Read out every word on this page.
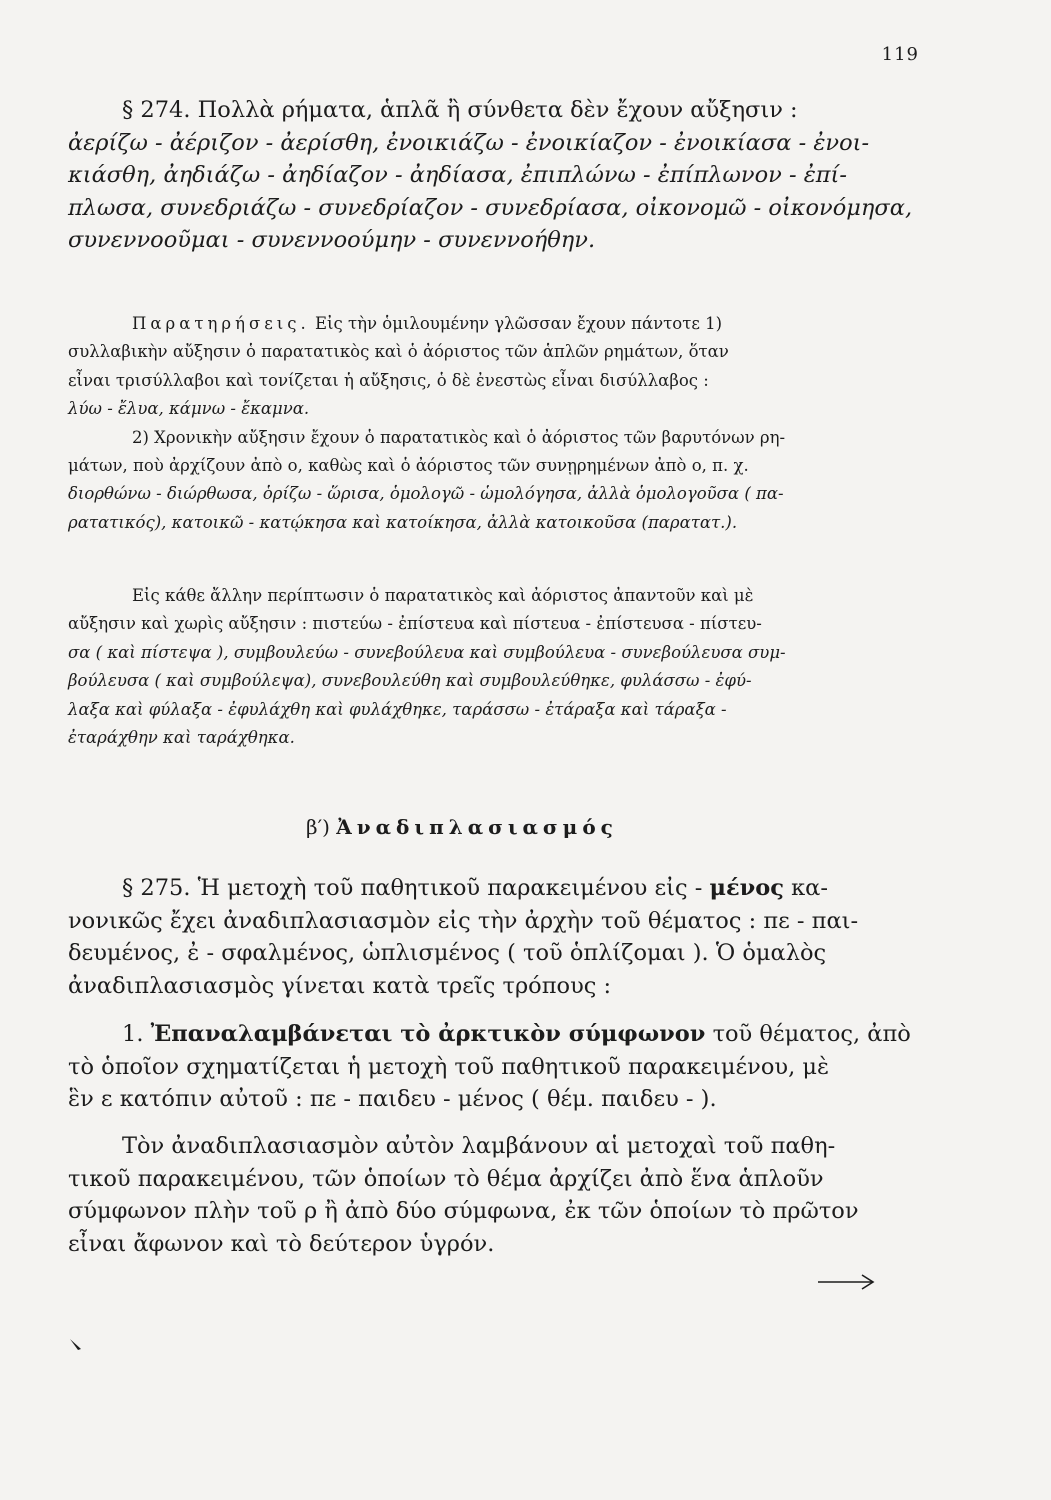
119
§ 274. Πολλὰ ρήματα, ἁπλᾶ ἢ σύνθετα δὲν ἔχουν αὔξησιν :
ἀερίζω - ἀέριζον - ἀερίσθη, ἐνοικιάζω - ἐνοικίαζον - ἐνοικίασα - ἐνοι-
κιάσθη, ἀηδιάζω - ἀηδίαζον - ἀηδίασα, ἐπιπλώνω - ἐπίπλωνον - ἐπί-
πλωσα, συνεδριάζω - συνεδρίαζον - συνεδρίασα, οἰκονομῶ - οἰκονόμησα,
συνεννοοῦμαι - συνεννοούμην - συνεννοήθην.
Παρατηρήσεις. Εἰς τὴν ὁμιλουμένην γλῶσσαν ἔχουν πάντοτε 1)
συλλαβικὴν αὔξησιν ὁ παρατατικὸς καὶ ὁ ἀόριστος τῶν ἁπλῶν ρημάτων, ὅταν
εἶναι τρισύλλαβοι καὶ τονίζεται ἡ αὔξησις, ὁ δὲ ἐνεστὼς εἶναι δισύλλαβος :
λύω - ἔλυα, κάμνω - ἔκαμνα.
2) Χρονικὴν αὔξησιν ἔχουν ὁ παρατατικὸς καὶ ὁ ἀόριστος τῶν βαρυτόνων ρη-
μάτων, ποὺ ἀρχίζουν ἀπὸ ο, καθὼς καὶ ὁ ἀόριστος τῶν συνῃρημένων ἀπὸ ο, π. χ.
διορθώνω - διώρθωσα, ὁρίζω - ὥρισα, ὁμολογῶ - ὡμολόγησα, ἀλλὰ ὁμολογοῦσα ( πα-
ρατατικός), κατοικῶ - κατῴκησα καὶ κατοίκησα, ἀλλὰ κατοικοῦσα (παρατατ.).
Εἰς κάθε ἄλλην περίπτωσιν ὁ παρατατικὸς καὶ ἀόριστος ἀπαντοῦν καὶ μὲ
αὔξησιν καὶ χωρὶς αὔξησιν : πιστεύω - ἐπίστευα καὶ πίστευα - ἐπίστευσα - πίστευ-
σα ( καὶ πίστεψα ), συμβουλεύω - συνεβούλευα καὶ συμβούλευα - συνεβούλευσα συμ-
βούλευσα ( καὶ συμβούλεψα), συνεβουλεύθη καὶ συμβουλεύθηκε, φυλάσσω - ἐφύ-
λαξα καὶ φύλαξα - ἐφυλάχθη καὶ φυλάχθηκε, ταράσσω - ἐτάραξα καὶ τάραξα -
ἐταράχθην καὶ ταράχθηκα.
β′) Ἀναδιπλασιασμός
§ 275. Ἡ μετοχὴ τοῦ παθητικοῦ παρακειμένου εἰς - μένος κα-
νονικῶς ἔχει ἀναδιπλασιασμὸν εἰς τὴν ἀρχὴν τοῦ θέματος : πε - παι-
δευμένος, ἐ - σφαλμένος, ὡπλισμένος ( τοῦ ὁπλίζομαι ). Ὁ ὁμαλὸς
ἀναδιπλασιασμὸς γίνεται κατὰ τρεῖς τρόπους :
1. Ἐπαναλαμβάνεται τὸ ἀρκτικὸν σύμφωνον τοῦ θέματος, ἀπὸ
τὸ ὁποῖον σχηματίζεται ἡ μετοχὴ τοῦ παθητικοῦ παρακειμένου, μὲ
ἓν ε κατόπιν αὐτοῦ : πε - παιδευ - μένος ( θέμ. παιδευ - ).
Τὸν ἀναδιπλασιασμὸν αὐτὸν λαμβάνουν αἱ μετοχαὶ τοῦ παθη-
τικοῦ παρακειμένου, τῶν ὁποίων τὸ θέμα ἀρχίζει ἀπὸ ἕνα ἁπλοῦν
σύμφωνον πλὴν τοῦ ρ ἢ ἀπὸ δύο σύμφωνα, ἐκ τῶν ὁποίων τὸ πρῶτον
εἶναι ἄφωνον καὶ τὸ δεύτερον ὑγρόν.
